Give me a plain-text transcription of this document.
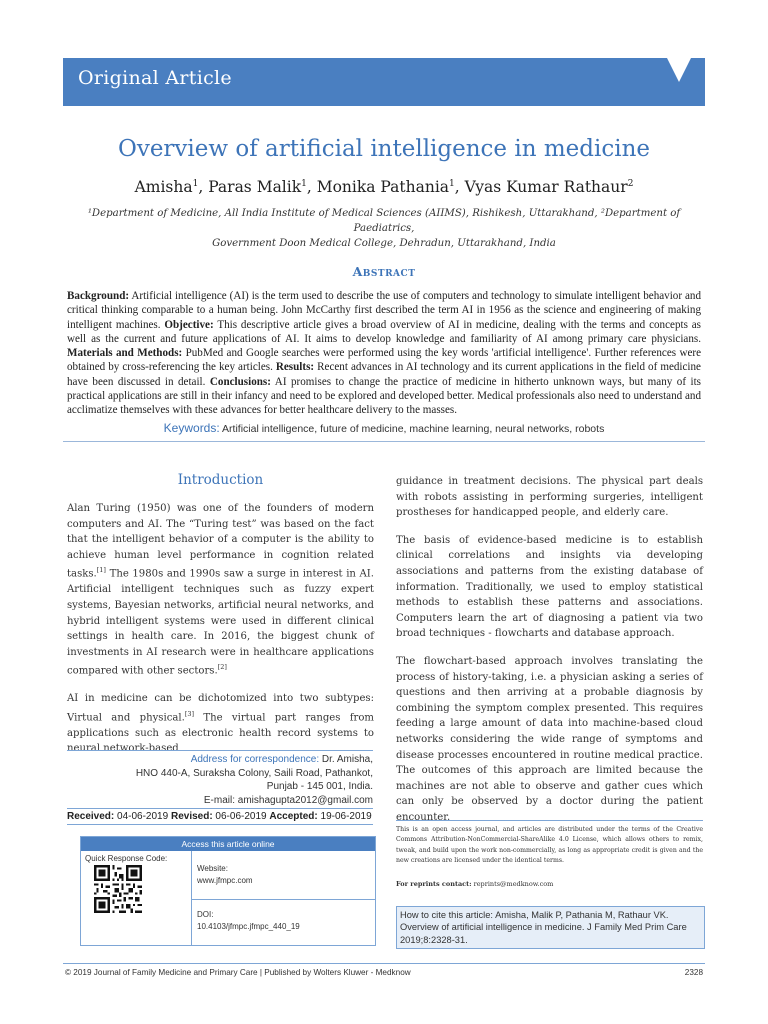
Original Article
Overview of artificial intelligence in medicine
Amisha$^1$, Paras Malik$^1$, Monika Pathania$^1$, Vyas Kumar Rathaur$^2$
¹Department of Medicine, All India Institute of Medical Sciences (AIIMS), Rishikesh, Uttarakhand, ²Department of Paediatrics,
Government Doon Medical College, Dehradun, Uttarakhand, India
Abstract
Background: Artificial intelligence (AI) is the term used to describe the use of computers and technology to simulate intelligent behavior and critical thinking comparable to a human being. John McCarthy first described the term AI in 1956 as the science and engineering of making intelligent machines. Objective: This descriptive article gives a broad overview of AI in medicine, dealing with the terms and concepts as well as the current and future applications of AI. It aims to develop knowledge and familiarity of AI among primary care physicians. Materials and Methods: PubMed and Google searches were performed using the key words 'artificial intelligence'. Further references were obtained by cross-referencing the key articles. Results: Recent advances in AI technology and its current applications in the field of medicine have been discussed in detail. Conclusions: AI promises to change the practice of medicine in hitherto unknown ways, but many of its practical applications are still in their infancy and need to be explored and developed better. Medical professionals also need to understand and acclimatize themselves with these advances for better healthcare delivery to the masses.
Keywords: Artificial intelligence, future of medicine, machine learning, neural networks, robots
Introduction

Alan Turing (1950) was one of the founders of modern computers and AI. The “Turing test” was based on the fact that the intelligent behavior of a computer is the ability to achieve human level performance in cognition related tasks.[1] The 1980s and 1990s saw a surge in interest in AI. Artificial intelligent techniques such as fuzzy expert systems, Bayesian networks, artificial neural networks, and hybrid intelligent systems were used in different clinical settings in health care. In 2016, the biggest chunk of investments in AI research were in healthcare applications compared with other sectors.[2]

AI in medicine can be dichotomized into two subtypes: Virtual and physical.[3] The virtual part ranges from applications such as electronic health record systems to neural network-based

guidance in treatment decisions. The physical part deals with robots assisting in performing surgeries, intelligent prostheses for handicapped people, and elderly care.

The basis of evidence-based medicine is to establish clinical correlations and insights via developing associations and patterns from the existing database of information. Traditionally, we used to employ statistical methods to establish these patterns and associations. Computers learn the art of diagnosing a patient via two broad techniques - flowcharts and database approach.

The flowchart-based approach involves translating the process of history-taking, i.e. a physician asking a series of questions and then arriving at a probable diagnosis by combining the symptom complex presented. This requires feeding a large amount of data into machine-based cloud networks considering the wide range of symptoms and disease processes encountered in routine medical practice. The outcomes of this approach are limited because the machines are not able to observe and gather cues which can only be observed by a doctor during the patient encounter.

Address for correspondence: Dr. Amisha,
HNO 440-A, Suraksha Colony, Saili Road, Pathankot,
Punjab - 145 001, India.
E-mail: amishagupta2012@gmail.com
Received: 04-06-2019 Revised: 06-06-2019 Accepted: 19-06-2019
Access this article online
Quick Response Code:
Website:
www.jfmpc.com
DOI:
10.4103/jfmpc.jfmpc_440_19
This is an open access journal, and articles are distributed under the terms of the Creative Commons Attribution-NonCommercial-ShareAlike 4.0 License, which allows others to remix, tweak, and build upon the work non-commercially, as long as appropriate credit is given and the new creations are licensed under the identical terms.
For reprints contact: reprints@medknow.com
How to cite this article: Amisha, Malik P, Pathania M, Rathaur VK. Overview of artificial intelligence in medicine. J Family Med Prim Care 2019;8:2328-31.
© 2019 Journal of Family Medicine and Primary Care | Published by Wolters Kluwer - Medknow	2328
